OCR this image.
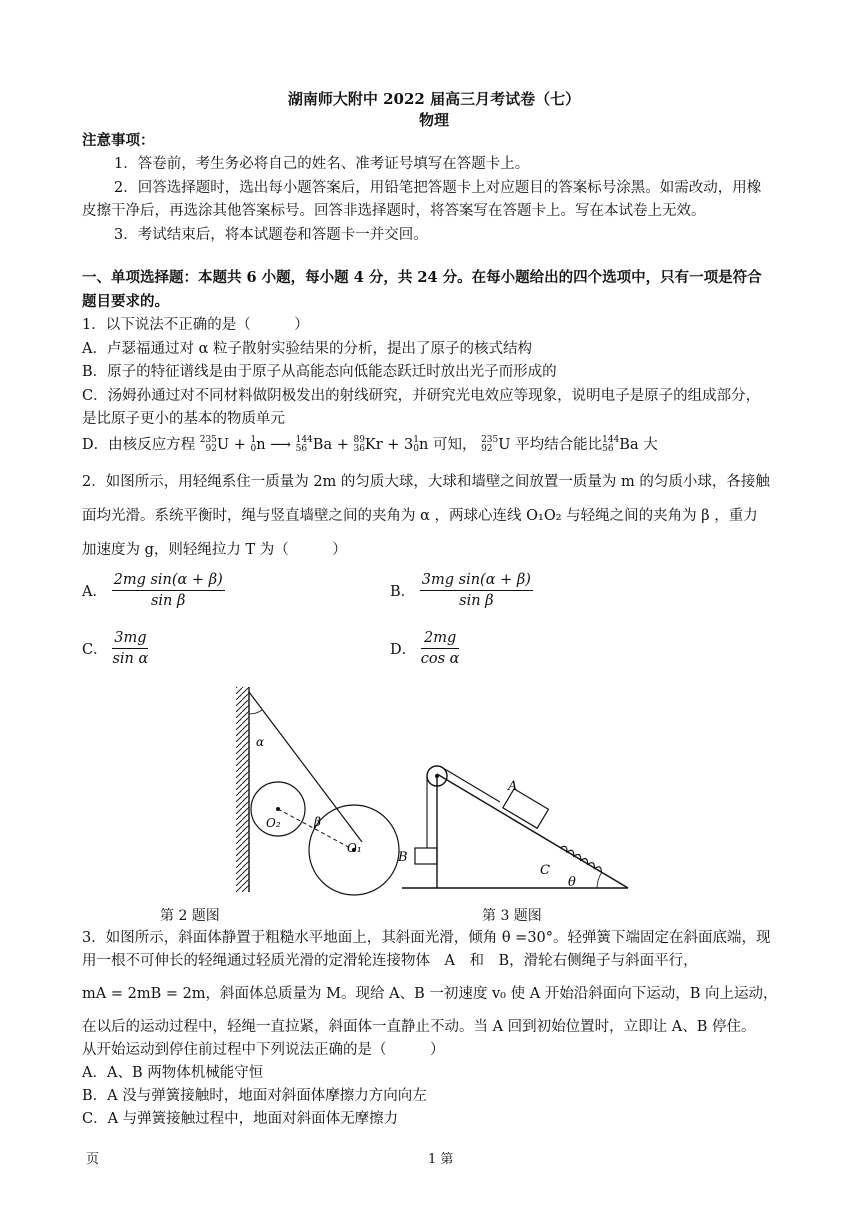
湖南师大附中 2022 届高三月考试卷（七）
物理
注意事项：
1．答卷前，考生务必将自己的姓名、准考证号填写在答题卡上。
2．回答选择题时，选出每小题答案后，用铅笔把答题卡上对应题目的答案标号涂黑。如需改动，用橡
皮擦干净后，再选涂其他答案标号。回答非选择题时，将答案写在答题卡上。写在本试卷上无效。
3．考试结束后，将本试题卷和答题卡一并交回。
一、单项选择题：本题共 6 小题，每小题 4 分，共 24 分。在每小题给出的四个选项中，只有一项是符合
题目要求的。
1．以下说法不正确的是（　　　）
A．卢瑟福通过对 α 粒子散射实验结果的分析，提出了原子的核式结构
B．原子的特征谱线是由于原子从高能态向低能态跃迁时放出光子而形成的
C．汤姆孙通过对不同材料做阴极发出的射线研究，并研究光电效应等现象，说明电子是原子的组成部分，
是比原子更小的基本的物质单元
D．由核反应方程 235
92U + 1
0n ⟶ 144
56 Ba + 89
36Kr + 31
0n 可知， 235
92 U 平均结合能比144
56 Ba 大
2．如图所示，用轻绳系住一质量为 2m 的匀质大球，大球和墙壁之间放置一质量为 m 的匀质小球，各接触
面均光滑。系统平衡时，绳与竖直墙壁之间的夹角为 α ，两球心连线 O₁O₂ 与轻绳之间的夹角为 β ，重力
加速度为 g，则轻绳拉力 T 为（　　　）
A． $\frac{\text{2mg sin(α + β)}}{\text{sin β}}$	B． $\frac{\text{3mg sin(α + β)}}{\text{sin β}}$
C． $\frac{3mg}{\text{sin α}}$	D． $\frac{2mg}{\text{cos α}}$
α
β
O₂
O₁
A
B
C
θ
第 2 题图	第 3 题图
3．如图所示，斜面体静置于粗糙水平地面上，其斜面光滑，倾角 θ =30°。轻弹簧下端固定在斜面底端，现
用一根不可伸长的轻绳通过轻质光滑的定滑轮连接物体　A　和　B，滑轮右侧绳子与斜面平行，
mA = 2mB = 2m，斜面体总质量为 M。现给 A、B 一初速度 v₀ 使 A 开始沿斜面向下运动，B 向上运动，
在以后的运动过程中，轻绳一直拉紧，斜面体一直静止不动。当 A 回到初始位置时，立即让 A、B 停住。
从开始运动到停住前过程中下列说法正确的是（　　　）
A．A、B 两物体机械能守恒
B．A 没与弹簧接触时，地面对斜面体摩擦力方向向左
C．A 与弹簧接触过程中，地面对斜面体无摩擦力
页	1 第
